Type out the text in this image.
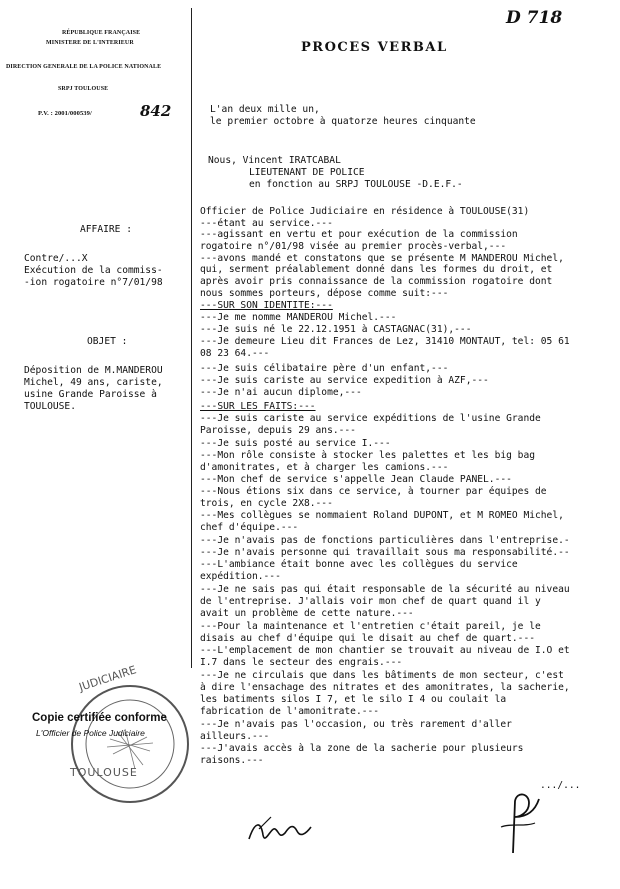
D 718
RÉPUBLIQUE FRANÇAISE
MINISTERE DE L'INTERIEUR
DIRECTION GENERALE DE LA POLICE NATIONALE
SRPJ TOULOUSE
P.V. : 2001/000539/	842
PROCES VERBAL
L'an deux mille un,
le premier octobre à quatorze heures cinquante
Nous, Vincent IRATCABAL
LIEUTENANT DE POLICE
en fonction au SRPJ TOULOUSE -D.E.F.-
AFFAIRE :
Contre/...X
Exécution de la commiss-
-ion rogatoire n°7/01/98
OBJET :
Déposition de M.MANDEROU
Michel, 49 ans, cariste,
usine Grande Paroisse à
TOULOUSE.
Officier de Police Judiciaire en résidence à TOULOUSE(31)
---étant au service.---
---agissant en vertu et pour exécution de la commission
rogatoire n°/01/98 visée au premier procès-verbal,---
---avons mandé et constatons que se présente M MANDEROU Michel,
qui, serment préalablement donné dans les formes du droit, et
après avoir pris connaissance de la commission rogatoire dont
nous sommes porteurs, dépose comme suit:---
---SUR SON IDENTITE:---
---Je me nomme MANDEROU Michel.---
---Je suis né le 22.12.1951 à CASTAGNAC(31),---
---Je demeure Lieu dit Frances de Lez, 31410 MONTAUT, tel: 05 61
08 23 64.---
---Je suis célibataire père d'un enfant,---
---Je suis cariste au service expedition à AZF,---
---Je n'ai aucun diplome,---
---SUR LES FAITS:---
---Je suis cariste au service expéditions de l'usine Grande
Paroisse, depuis 29 ans.---
---Je suis posté au service I.---
---Mon rôle consiste à stocker les palettes et les big bag
d'amonitrates, et à charger les camions.---
---Mon chef de service s'appelle Jean Claude PANEL.---
---Nous étions six dans ce service, à tourner par équipes de
trois, en cycle 2X8.---
---Mes collègues se nommaient Roland DUPONT, et M ROMEO Michel,
chef d'équipe.---
---Je n'avais pas de fonctions particulières dans l'entreprise.-
---Je n'avais personne qui travaillait sous ma responsabilité.--
---L'ambiance était bonne avec les collègues du service
expédition.---
---Je ne sais pas qui était responsable de la sécurité au niveau
de l'entreprise. J'allais voir mon chef de quart quand il y
avait un problème de cette nature.---
---Pour la maintenance et l'entretien c'était pareil, je le
disais au chef d'équipe qui le disait au chef de quart.---
---L'emplacement de mon chantier se trouvait au niveau de I.O et
I.7 dans le secteur des engrais.---
---Je ne circulais que dans les bâtiments de mon secteur, c'est
à dire l'ensachage des nitrates et des amonitrates, la sacherie,
les batiments silos I 7, et le silo I 4 ou coulait la
fabrication de l'amonitrate.---
---Je n'avais pas l'occasion, ou très rarement d'aller
ailleurs.---
---J'avais accès à la zone de la sacherie pour plusieurs
raisons.---
.../...

JUDICIAIRE

TOULOUSE

Copie certifiée conforme

L'Officier de Police Judiciaire
